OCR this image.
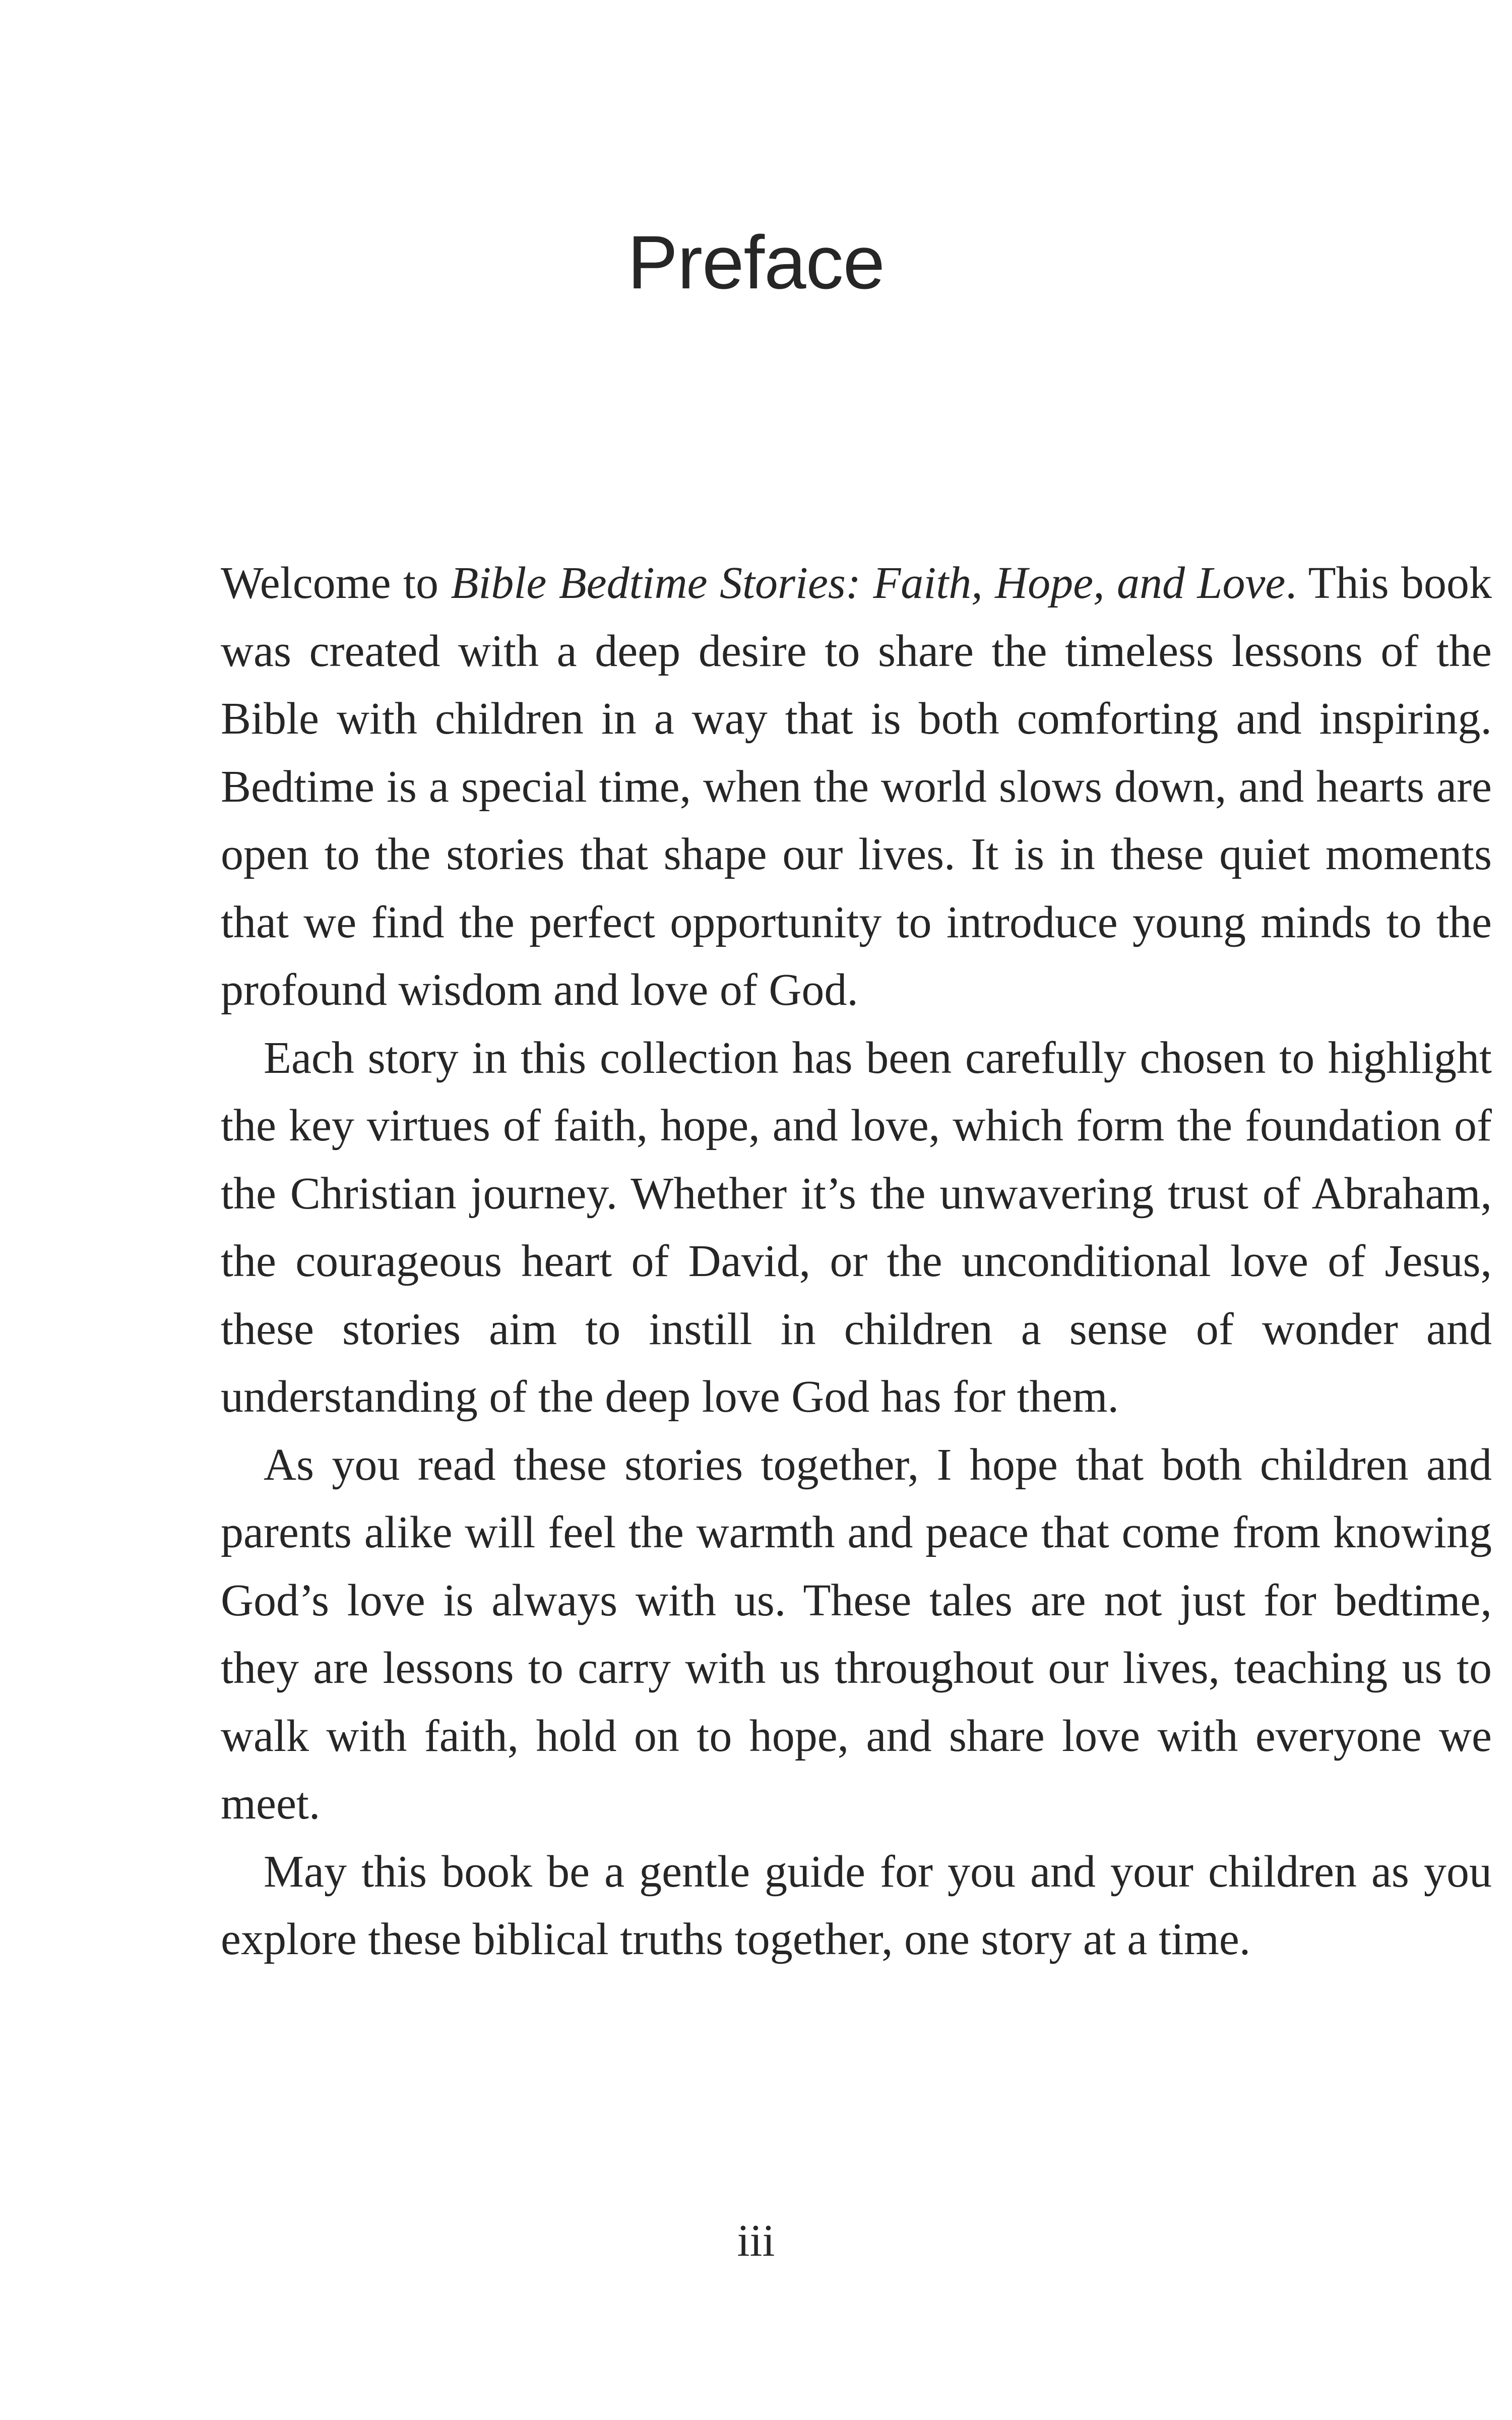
Preface

Welcome to Bible Bedtime Stories: Faith, Hope, and Love. This book was created with a deep desire to share the timeless lessons of the Bible with children in a way that is both comforting and inspiring. Bedtime is a special time, when the world slows down, and hearts are open to the stories that shape our lives. It is in these quiet moments that we find the perfect opportunity to introduce young minds to the profound wisdom and love of God.

Each story in this collection has been carefully chosen to highlight the key virtues of faith, hope, and love, which form the foundation of the Christian journey. Whether it’s the unwavering trust of Abraham, the courageous heart of David, or the unconditional love of Jesus, these stories aim to instill in children a sense of wonder and understanding of the deep love God has for them.

As you read these stories together, I hope that both children and parents alike will feel the warmth and peace that come from knowing God’s love is always with us. These tales are not just for bedtime, they are lessons to carry with us throughout our lives, teaching us to walk with faith, hold on to hope, and share love with everyone we meet.

May this book be a gentle guide for you and your children as you explore these biblical truths together, one story at a time.

iii
